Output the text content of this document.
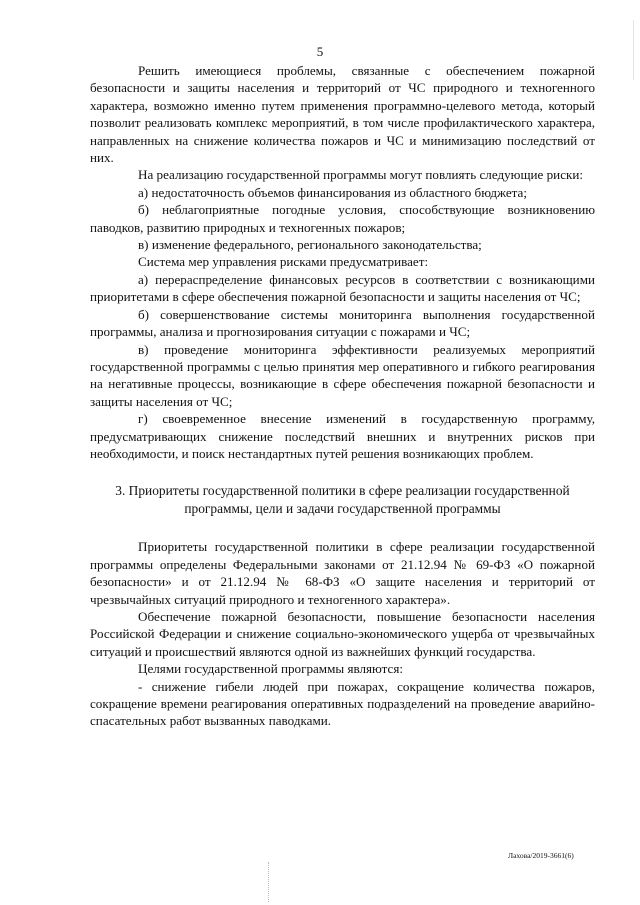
5

Решить имеющиеся проблемы, связанные с обеспечением пожарной безопасности и защиты населения и территорий от ЧС природного и техногенного характера, возможно именно путем применения программно-целевого метода, который позволит реализовать комплекс мероприятий, в том числе профилактического характера, направленных на снижение количества пожаров и ЧС и минимизацию последствий от них.

На реализацию государственной программы могут повлиять следующие риски:

а) недостаточность объемов финансирования из областного бюджета;

б) неблагоприятные погодные условия, способствующие возникновению паводков, развитию природных и техногенных пожаров;

в) изменение федерального, регионального законодательства;

Система мер управления рисками предусматривает:

а) перераспределение финансовых ресурсов в соответствии с возникающими приоритетами в сфере обеспечения пожарной безопасности и защиты населения от ЧС;

б) совершенствование системы мониторинга выполнения государственной программы, анализа и прогнозирования ситуации с пожарами и ЧС;

в) проведение мониторинга эффективности реализуемых мероприятий государственной программы с целью принятия мер оперативного и гибкого реагирования на негативные процессы, возникающие в сфере обеспечения пожарной безопасности и защиты населения от ЧС;

г) своевременное внесение изменений в государственную программу, предусматривающих снижение последствий внешних и внутренних рисков при необходимости, и поиск нестандартных путей решения возникающих проблем.

3. Приоритеты государственной политики в сфере реализации государственной программы, цели и задачи государственной программы

Приоритеты государственной политики в сфере реализации государственной программы определены Федеральными законами от 21.12.94 № 69-ФЗ «О пожарной безопасности» и от 21.12.94 № 68-ФЗ «О защите населения и территорий от чрезвычайных ситуаций природного и техногенного характера».

Обеспечение пожарной безопасности, повышение безопасности населения Российской Федерации и снижение социально-экономического ущерба от чрезвычайных ситуаций и происшествий являются одной из важнейших функций государства.

Целями государственной программы являются:

- снижение гибели людей при пожарах, сокращение количества пожаров, сокращение времени реагирования оперативных подразделений на проведение аварийно-спасательных работ вызванных паводками.

Лахова/2019-3661(6)
